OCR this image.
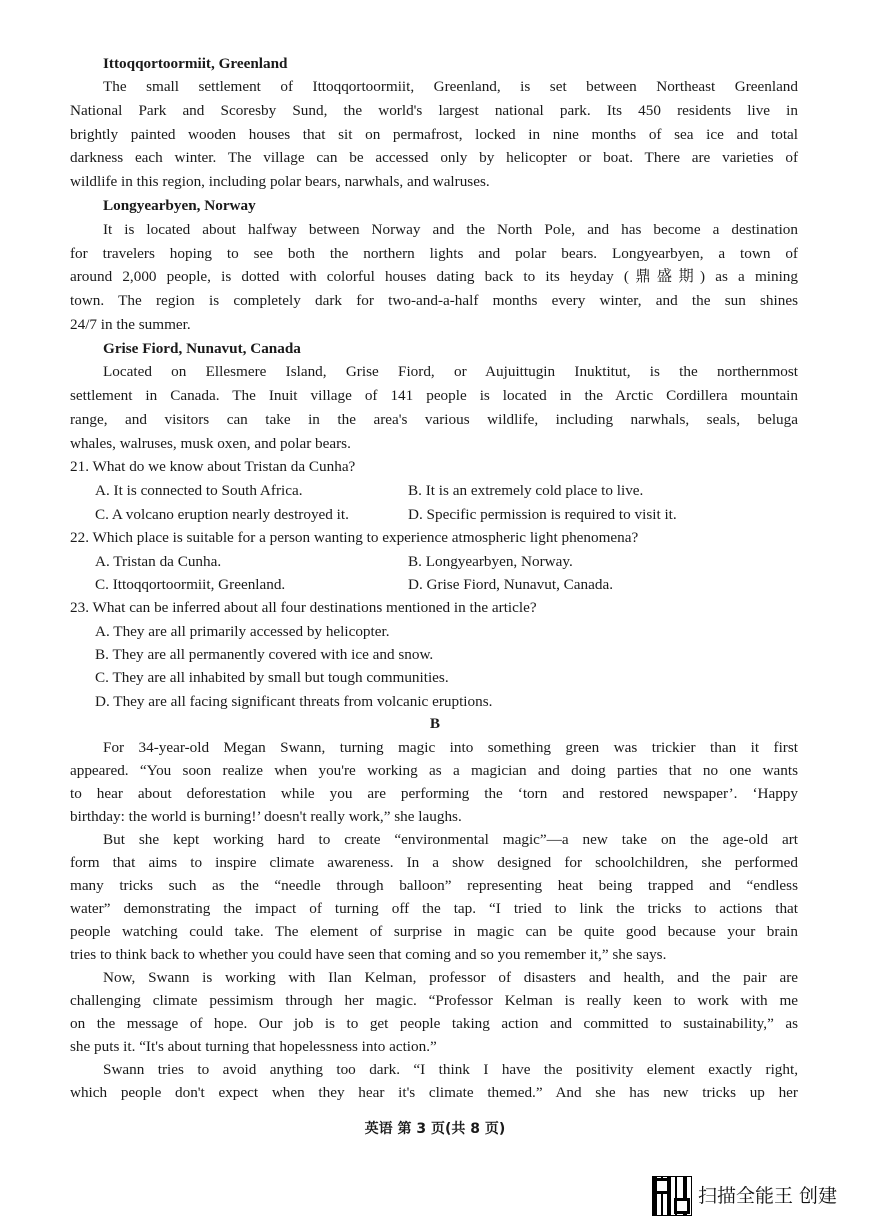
Ittoqqortoormiit, Greenland
The small settlement of Ittoqqortoormiit, Greenland, is set between Northeast Greenland
National Park and Scoresby Sund, the world's largest national park. Its 450 residents live in
brightly painted wooden houses that sit on permafrost, locked in nine months of sea ice and total
darkness each winter. The village can be accessed only by helicopter or boat. There are varieties of
wildlife in this region, including polar bears, narwhals, and walruses.
Longyearbyen, Norway
It is located about halfway between Norway and the North Pole, and has become a destination
for travelers hoping to see both the northern lights and polar bears. Longyearbyen, a town of
around 2,000 people, is dotted with colorful houses dating back to its heyday (鼎盛期) as a mining
town. The region is completely dark for two-and-a-half months every winter, and the sun shines
24/7 in the summer.
Grise Fiord, Nunavut, Canada
Located on Ellesmere Island, Grise Fiord, or Aujuittugin Inuktitut, is the northernmost
settlement in Canada. The Inuit village of 141 people is located in the Arctic Cordillera mountain
range, and visitors can take in the area's various wildlife, including narwhals, seals, beluga
whales, walruses, musk oxen, and polar bears.
21. What do we know about Tristan da Cunha?
A. It is connected to South Africa.	B. It is an extremely cold place to live.
C. A volcano eruption nearly destroyed it.	D. Specific permission is required to visit it.
22. Which place is suitable for a person wanting to experience atmospheric light phenomena?
A. Tristan da Cunha.	B. Longyearbyen, Norway.
C. Ittoqqortoormiit, Greenland.	D. Grise Fiord, Nunavut, Canada.
23. What can be inferred about all four destinations mentioned in the article?
A. They are all primarily accessed by helicopter.
B. They are all permanently covered with ice and snow.
C. They are all inhabited by small but tough communities.
D. They are all facing significant threats from volcanic eruptions.
B
For 34-year-old Megan Swann, turning magic into something green was trickier than it first
appeared. “You soon realize when you're working as a magician and doing parties that no one wants
to hear about deforestation while you are performing the ‘torn and restored newspaper’. ‘Happy
birthday: the world is burning!’ doesn't really work,” she laughs.
But she kept working hard to create “environmental magic”—a new take on the age-old art
form that aims to inspire climate awareness. In a show designed for schoolchildren, she performed
many tricks such as the “needle through balloon” representing heat being trapped and “endless
water” demonstrating the impact of turning off the tap. “I tried to link the tricks to actions that
people watching could take. The element of surprise in magic can be quite good because your brain
tries to think back to whether you could have seen that coming and so you remember it,” she says.
Now, Swann is working with Ilan Kelman, professor of disasters and health, and the pair are
challenging climate pessimism through her magic. “Professor Kelman is really keen to work with me
on the message of hope. Our job is to get people taking action and committed to sustainability,” as
she puts it. “It's about turning that hopelessness into action.”
Swann tries to avoid anything too dark. “I think I have the positivity element exactly right,
which people don't expect when they hear it's climate themed.” And she has new tricks up her
英语 第 3 页(共 8 页)
扫描全能王 创建
